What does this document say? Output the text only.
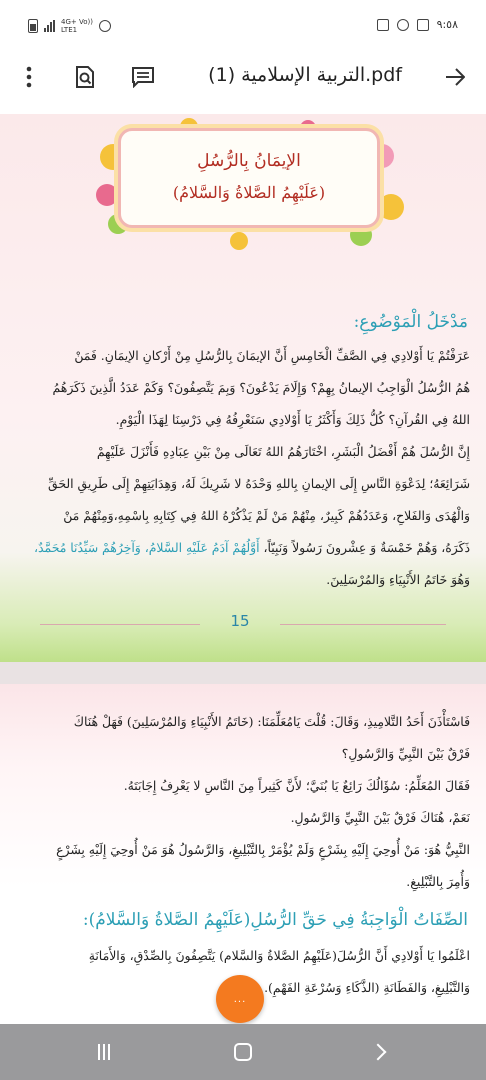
4G+ Vo))
LTE1	٩:٥٨
التربية الإسلامية (1).pdf
الإيمَانُ بِالرُّسُلِ
(عَلَيْهِمُ الصَّلاةُ وَالسَّلامُ)
مَدْخَلُ الْمَوْضُوعِ:
عَرَفْتُمْ يَا أَوْلادِي فِي الصَّفِّ الْخَامِسِ أَنَّ الإيمَانَ بِالرُّسُلِ مِنْ أَرْكانِ الإيمَانِ. فَمَنْ
هُمُ الرُّسُلُ الْوَاجِبُ الإيمانُ بِهِمْ؟ وَإِلَامَ يَدْعُونَ؟ وَبِمَ يَتَّصِفُونَ؟ وَكَمْ عَدَدُ الَّذِينَ ذَكَرَهُمُ
اللهُ فِي القُرآنِ؟ كُلُّ ذَلِكَ وَأَكْثَرُ يَا أَوْلادِي سَنَعْرِفُهُ فِي دَرْسِنَا لِهَذَا الْيَوْمِ.
إِنَّ الرُّسُلَ هُمْ أَفْضَلُ الْبَشَرِ، اخْتَارَهُمُ اللهُ تَعَالَى مِنْ بَيْنِ عِبَادِهِ فَأَنْزَلَ عَلَيْهِمْ
شَرَائِعَهُ؛ لِدَعْوَةِ النَّاسِ إِلَى الإيمانِ بِاللهِ وَحْدَهُ لا شَرِيكَ لَهُ، وَهِدَايَتِهِمْ إِلَى طَرِيقِ الحَقِّ
وَالْهُدَى وَالفَلاحِ، وَعَدَدُهُمْ كَبِيرٌ، مِنْهُمْ مَنْ لَمْ يَذْكُرْهُ اللهُ فِي كِتَابِهِ بِاسْمِهِ،وَمِنْهُمْ مَنْ
ذَكَرَهُ، وَهُمْ خَمْسَةٌ وَ عِشْرونَ رَسُولاً وَنَبِيّاً، أَوَّلُهُمْ آدَمُ عَلَيْهِ السَّلامُ، وَآخِرُهُمْ سَيِّدُنَا مُحَمَّدٌ،
وَهُوَ خَاتَمُ الأَنْبِيَاءِ وَالمُرْسَلِينَ.
15
فَاسْتَأْذَنَ أَحَدُ التَّلامِيذِ، وَقَالَ: قُلْتَ يَامُعَلِّمَنَا: (خَاتَمُ الأَنْبِيَاءِ وَالمُرْسَلِينَ) فَهَلْ هُنَاكَ
فَرْقٌ بَيْنَ النَّبِيِّ وَالرَّسُولِ؟
فَقَالَ المُعَلِّمُ: سُؤَالُكَ رَائِعٌ يَا بُنَيَّ؛ لأَنَّ كَثِيراً مِنَ النَّاسِ لا يَعْرِفُ إِجَابَتَهُ.
نَعَمْ، هُنَاكَ فَرْقٌ بَيْنَ النَّبِيِّ وَالرَّسُولِ.
النَّبِيُّ هُوَ: مَنْ أُوحِيَ إِلَيْهِ بِشَرْعٍ وَلَمْ يُؤْمَرْ بِالتَّبْلِيغِ، وَالرَّسُولُ هُوَ مَنْ أُوحِيَ إِلَيْهِ بِشَرْعٍ
وَأُمِرَ بِالتَّبْلِيغِ.
الصِّفَاتُ الْوَاجِبَةُ فِي حَقِّ الرُّسُلِ(عَلَيْهِمُ الصَّلاةُ وَالسَّلامُ):
اعْلَمُوا يَا أَوْلادِي أَنَّ الرُّسُلَ(عَلَيْهِمُ الصَّلاةُ وَالسَّلام) يَتَّصِفُونَ بِالصِّدْقِ، وَالأَمَانَةِ
وَالتَّبْلِيغِ، وَالفَطَانَةِ (الذَّكَاءِ وَسُرْعَةِ الفَهْمِ).
...
